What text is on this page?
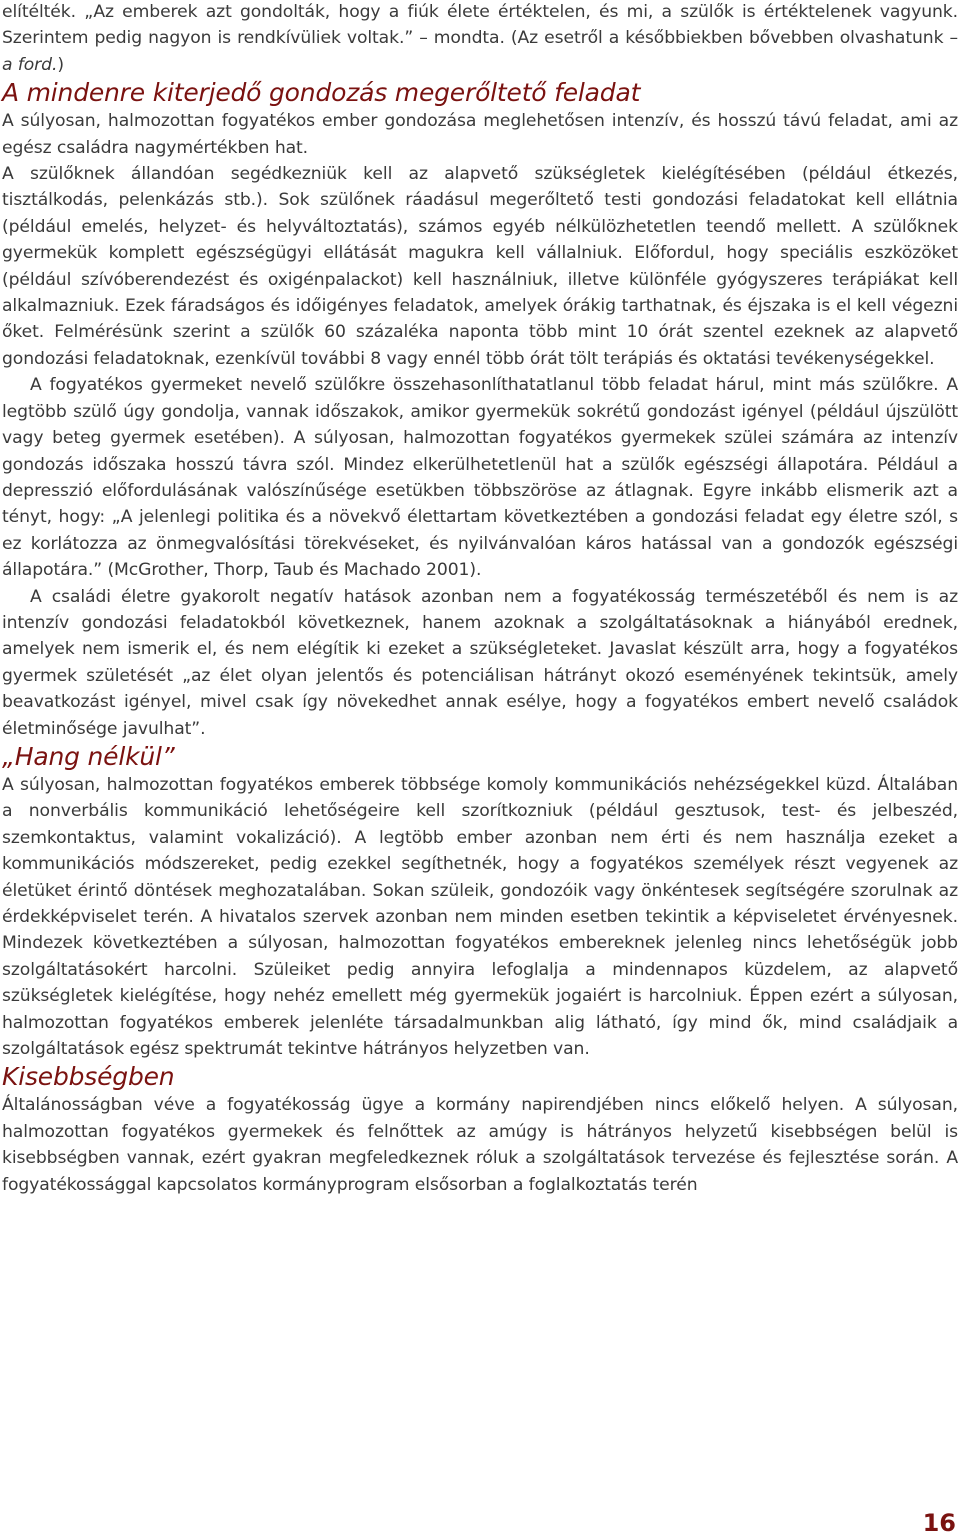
elítélték. „Az emberek azt gondolták, hogy a fiúk élete értéktelen, és mi, a szülők is értéktelenek vagyunk. Szerintem pedig nagyon is rendkívüliek voltak.” – mondta. (Az esetről a későbbiekben bővebben olvashatunk – a ford.)

A mindenre kiterjedő gondozás megerőltető feladat

A súlyosan, halmozottan fogyatékos ember gondozása meglehetősen intenzív, és hosszú távú feladat, ami az egész családra nagymértékben hat.

A szülőknek állandóan segédkezniük kell az alapvető szükségletek kielégítésében (például étkezés, tisztálkodás, pelenkázás stb.). Sok szülőnek ráadásul megerőltető testi gondozási feladatokat kell ellátnia (például emelés, helyzet- és helyváltoztatás), számos egyéb nélkülözhetetlen teendő mellett. A szülőknek gyermekük komplett egészségügyi ellátását magukra kell vállalniuk. Előfordul, hogy speciális eszközöket (például szívóberendezést és oxigénpalackot) kell használniuk, illetve különféle gyógyszeres terápiákat kell alkalmazniuk. Ezek fáradságos és időigényes feladatok, amelyek órákig tarthatnak, és éjszaka is el kell végezni őket. Felmérésünk szerint a szülők 60 százaléka naponta több mint 10 órát szentel ezeknek az alapvető gondozási feladatoknak, ezenkívül további 8 vagy ennél több órát tölt terápiás és oktatási tevékenységekkel.

A fogyatékos gyermeket nevelő szülőkre összehasonlíthatatlanul több feladat hárul, mint más szülőkre. A legtöbb szülő úgy gondolja, vannak időszakok, amikor gyermekük sokrétű gondozást igényel (például újszülött vagy beteg gyermek esetében). A súlyosan, halmozottan fogyatékos gyermekek szülei számára az intenzív gondozás időszaka hosszú távra szól. Mindez elkerülhetetlenül hat a szülők egészségi állapotára. Például a depresszió előfordulásának valószínűsége esetükben többszöröse az átlagnak. Egyre inkább elismerik azt a tényt, hogy: „A jelenlegi politika és a növekvő élettartam következtében a gondozási feladat egy életre szól, s ez korlátozza az önmegvalósítási törekvéseket, és nyilvánvalóan káros hatással van a gondozók egészségi állapotára.” (McGrother, Thorp, Taub és Machado 2001).

A családi életre gyakorolt negatív hatások azonban nem a fogyatékosság természetéből és nem is az intenzív gondozási feladatokból következnek, hanem azoknak a szolgáltatásoknak a hiányából erednek, amelyek nem ismerik el, és nem elégítik ki ezeket a szükségleteket. Javaslat készült arra, hogy a fogyatékos gyermek születését „az élet olyan jelentős és potenciálisan hátrányt okozó eseményének tekintsük, amely beavatkozást igényel, mivel csak így növekedhet annak esélye, hogy a fogyatékos embert nevelő családok életminősége javulhat”.

„Hang nélkül”

A súlyosan, halmozottan fogyatékos emberek többsége komoly kommunikációs nehézségekkel küzd. Általában a nonverbális kommunikáció lehetőségeire kell szorítkozniuk (például gesztusok, test- és jelbeszéd, szemkontaktus, valamint vokalizáció). A legtöbb ember azonban nem érti és nem használja ezeket a kommunikációs módszereket, pedig ezekkel segíthetnék, hogy a fogyatékos személyek részt vegyenek az életüket érintő döntések meghozatalában. Sokan szüleik, gondozóik vagy önkéntesek segítségére szorulnak az érdekképviselet terén. A hivatalos szervek azonban nem minden esetben tekintik a képviseletet érvényesnek. Mindezek következtében a súlyosan, halmozottan fogyatékos embereknek jelenleg nincs lehetőségük jobb szolgáltatásokért harcolni. Szüleiket pedig annyira lefoglalja a mindennapos küzdelem, az alapvető szükségletek kielégítése, hogy nehéz emellett még gyermekük jogaiért is harcolniuk. Éppen ezért a súlyosan, halmozottan fogyatékos emberek jelenléte társadalmunkban alig látható, így mind ők, mind családjaik a szolgáltatások egész spektrumát tekintve hátrányos helyzetben van.

Kisebbségben

Általánosságban véve a fogyatékosság ügye a kormány napirendjében nincs előkelő helyen. A súlyosan, halmozottan fogyatékos gyermekek és felnőttek az amúgy is hátrányos helyzetű kisebbségen belül is kisebbségben vannak, ezért gyakran megfeledkeznek róluk a szolgáltatások tervezése és fejlesztése során. A fogyatékossággal kapcsolatos kormányprogram elsősorban a foglalkoztatás terén

16
